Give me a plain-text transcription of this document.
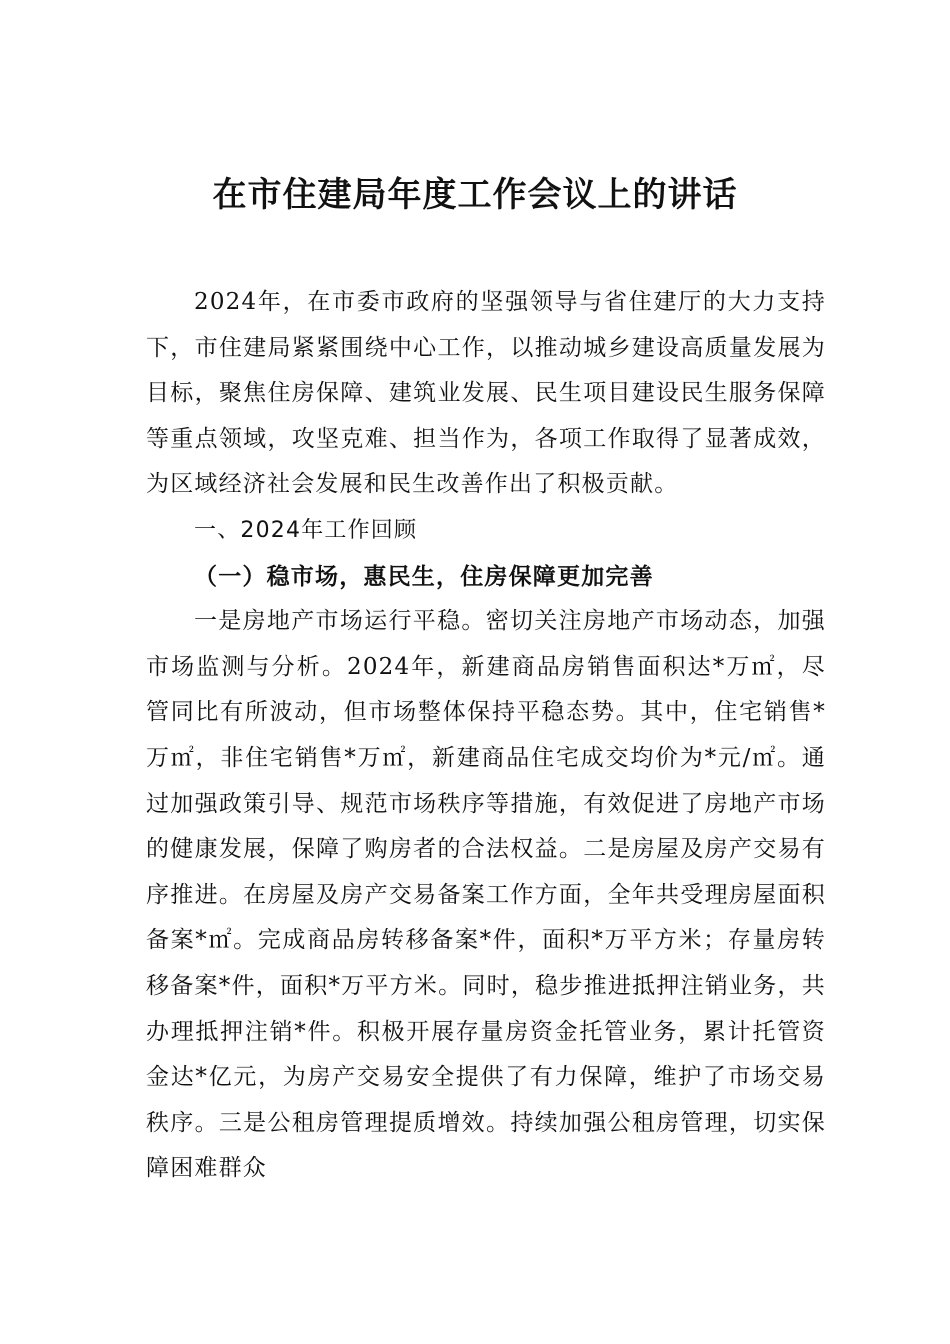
在市住建局年度工作会议上的讲话

2024年，在市委市政府的坚强领导与省住建厅的大力支持下，市住建局紧紧围绕中心工作，以推动城乡建设高质量发展为目标，聚焦住房保障、建筑业发展、民生项目建设民生服务保障等重点领域，攻坚克难、担当作为，各项工作取得了显著成效，为区域经济社会发展和民生改善作出了积极贡献。

一、2024年工作回顾

（一）稳市场，惠民生，住房保障更加完善

一是房地产市场运行平稳。密切关注房地产市场动态，加强市场监测与分析。2024年，新建商品房销售面积达*万㎡，尽管同比有所波动，但市场整体保持平稳态势。其中，住宅销售*万㎡，非住宅销售*万㎡，新建商品住宅成交均价为*元/㎡。通过加强政策引导、规范市场秩序等措施，有效促进了房地产市场的健康发展，保障了购房者的合法权益。二是房屋及房产交易有序推进。在房屋及房产交易备案工作方面，全年共受理房屋面积备案*㎡。完成商品房转移备案*件，面积*万平方米；存量房转移备案*件，面积*万平方米。同时，稳步推进抵押注销业务，共办理抵押注销*件。积极开展存量房资金托管业务，累计托管资金达*亿元，为房产交易安全提供了有力保障，维护了市场交易秩序。三是公租房管理提质增效。持续加强公租房管理，切实保障困难群众
